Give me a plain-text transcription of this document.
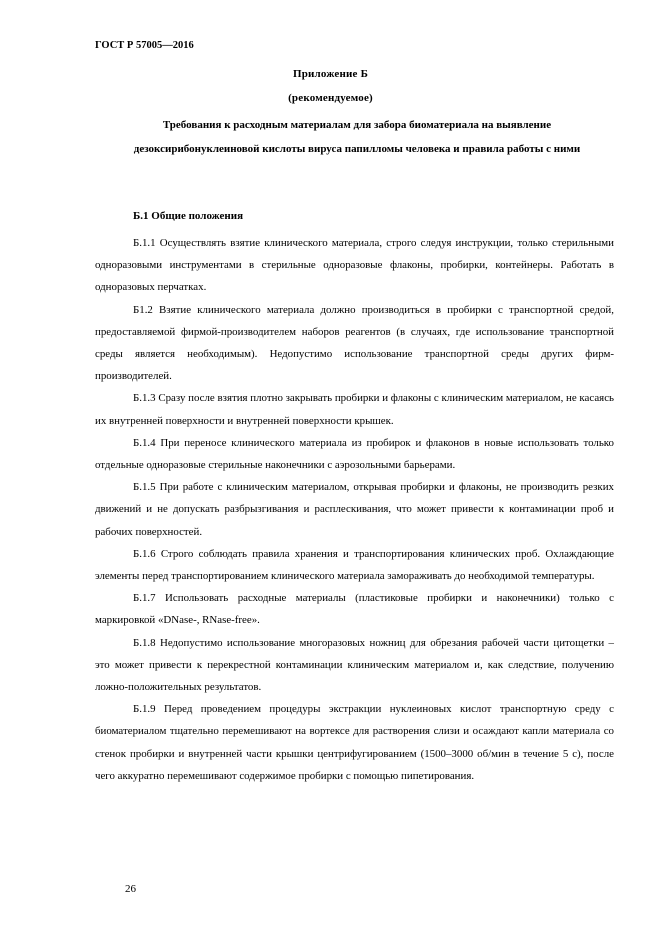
ГОСТ Р 57005—2016
Приложение Б
(рекомендуемое)
Требования к расходным материалам для забора биоматериала на выявление дезоксирибонуклеиновой кислоты вируса папилломы человека и правила работы с ними
Б.1 Общие положения

Б.1.1 Осуществлять взятие клинического материала, строго следуя инструкции, только стерильными одноразовыми инструментами в стерильные одноразовые флаконы, пробирки, контейнеры. Работать в одноразовых перчатках.

Б1.2 Взятие клинического материала должно производиться в пробирки с транспортной средой, предоставляемой фирмой-производителем наборов реагентов (в случаях, где использование транспортной среды является необходимым). Недопустимо использование транспортной среды других фирм-производителей.

Б.1.3 Сразу после взятия плотно закрывать пробирки и флаконы с клиническим материалом, не касаясь их внутренней поверхности и внутренней поверхности крышек.

Б.1.4 При переносе клинического материала из пробирок и флаконов в новые использовать только отдельные одноразовые стерильные наконечники с аэрозольными барьерами.

Б.1.5 При работе с клиническим материалом, открывая пробирки и флаконы, не производить резких движений и не допускать разбрызгивания и расплескивания, что может привести к контаминации проб и рабочих поверхностей.

Б.1.6 Строго соблюдать правила хранения и транспортирования клинических проб. Охлаждающие элементы перед транспортированием клинического материала замораживать до необходимой температуры.

Б.1.7 Использовать расходные материалы (пластиковые пробирки и наконечники) только с маркировкой «DNase-, RNase-free».

Б.1.8 Недопустимо использование многоразовых ножниц для обрезания рабочей части цитощетки – это может привести к перекрестной контаминации клиническим материалом и, как следствие, получению ложно-положительных результатов.

Б.1.9 Перед проведением процедуры экстракции нуклеиновых кислот транспортную среду с биоматериалом тщательно перемешивают на вортексе для растворения слизи и осаждают капли материала со стенок пробирки и внутренней части крышки центрифугированием (1500–3000 об/мин в течение 5 с), после чего аккуратно перемешивают содержимое пробирки с помощью пипетирования.

26
